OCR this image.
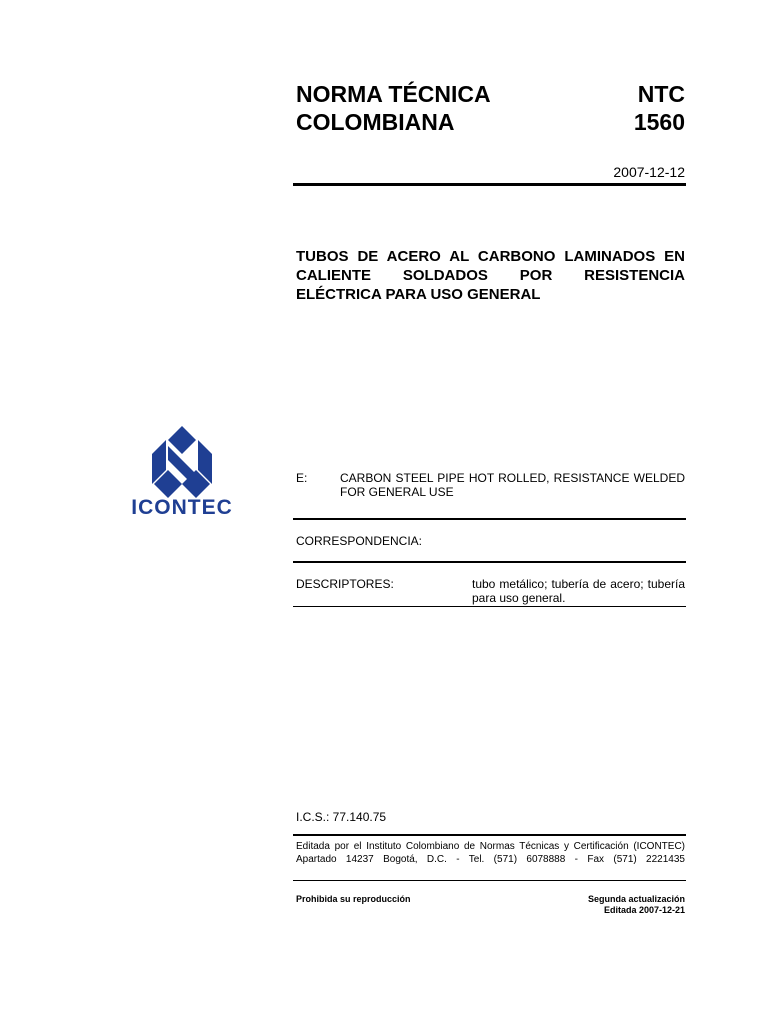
NORMA TÉCNICA
COLOMBIANA
NTC
1560
2007-12-12
TUBOS DE ACERO AL CARBONO LAMINADOS EN CALIENTE SOLDADOS POR RESISTENCIA ELÉCTRICA PARA USO GENERAL
ICONTEC
E:	CARBON STEEL PIPE HOT ROLLED, RESISTANCE WELDED FOR GENERAL USE
CORRESPONDENCIA:
DESCRIPTORES:	tubo metálico; tubería de acero; tubería para uso general.
I.C.S.: 77.140.75
Editada por el Instituto Colombiano de Normas Técnicas y Certificación (ICONTEC)
Apartado 14237 Bogotá, D.C. - Tel. (571) 6078888 - Fax (571) 2221435
Prohibida su reproducción	Segunda actualización
Editada 2007-12-21
